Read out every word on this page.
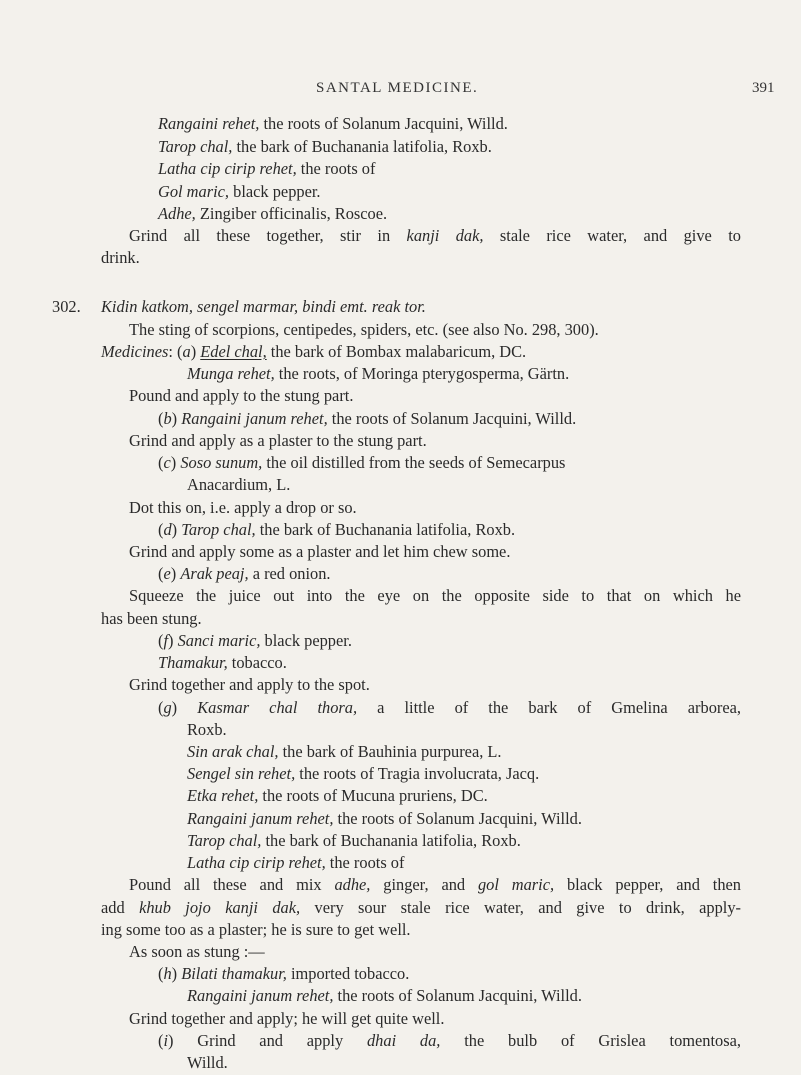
SANTAL MEDICINE.	391
Rangaini rehet, the roots of Solanum Jacquini, Willd.
Tarop chal, the bark of Buchanania latifolia, Roxb.
Latha cip cirip rehet, the roots of
Gol maric, black pepper.
Adhe, Zingiber officinalis, Roscoe.
Grind all these together, stir in kanji dak, stale rice water, and give to
drink.
302. Kidin katkom, sengel marmar, bindi emt. reak tor.
The sting of scorpions, centipedes, spiders, etc. (see also No. 298, 300).
Medicines: (a) Edel chal, the bark of Bombax malabaricum, DC.
Munga rehet, the roots, of Moringa pterygosperma, Gärtn.
Pound and apply to the stung part.
(b) Rangaini janum rehet, the roots of Solanum Jacquini, Willd.
Grind and apply as a plaster to the stung part.
(c) Soso sunum, the oil distilled from the seeds of Semecarpus
Anacardium, L.
Dot this on, i.e. apply a drop or so.
(d) Tarop chal, the bark of Buchanania latifolia, Roxb.
Grind and apply some as a plaster and let him chew some.
(e) Arak peaj, a red onion.
Squeeze the juice out into the eye on the opposite side to that on which he
has been stung.
(f) Sanci maric, black pepper.
Thamakur, tobacco.
Grind together and apply to the spot.
(g) Kasmar chal thora, a little of the bark of Gmelina arborea,
Roxb.
Sin arak chal, the bark of Bauhinia purpurea, L.
Sengel sin rehet, the roots of Tragia involucrata, Jacq.
Etka rehet, the roots of Mucuna pruriens, DC.
Rangaini janum rehet, the roots of Solanum Jacquini, Willd.
Tarop chal, the bark of Buchanania latifolia, Roxb.
Latha cip cirip rehet, the roots of
Pound all these and mix adhe, ginger, and gol maric, black pepper, and then
add khub jojo kanji dak, very sour stale rice water, and give to drink, apply-
ing some too as a plaster; he is sure to get well.
As soon as stung :—
(h) Bilati thamakur, imported tobacco.
Rangaini janum rehet, the roots of Solanum Jacquini, Willd.
Grind together and apply; he will get quite well.
(i) Grind and apply dhai da, the bulb of Grislea tomentosa,
Willd.
